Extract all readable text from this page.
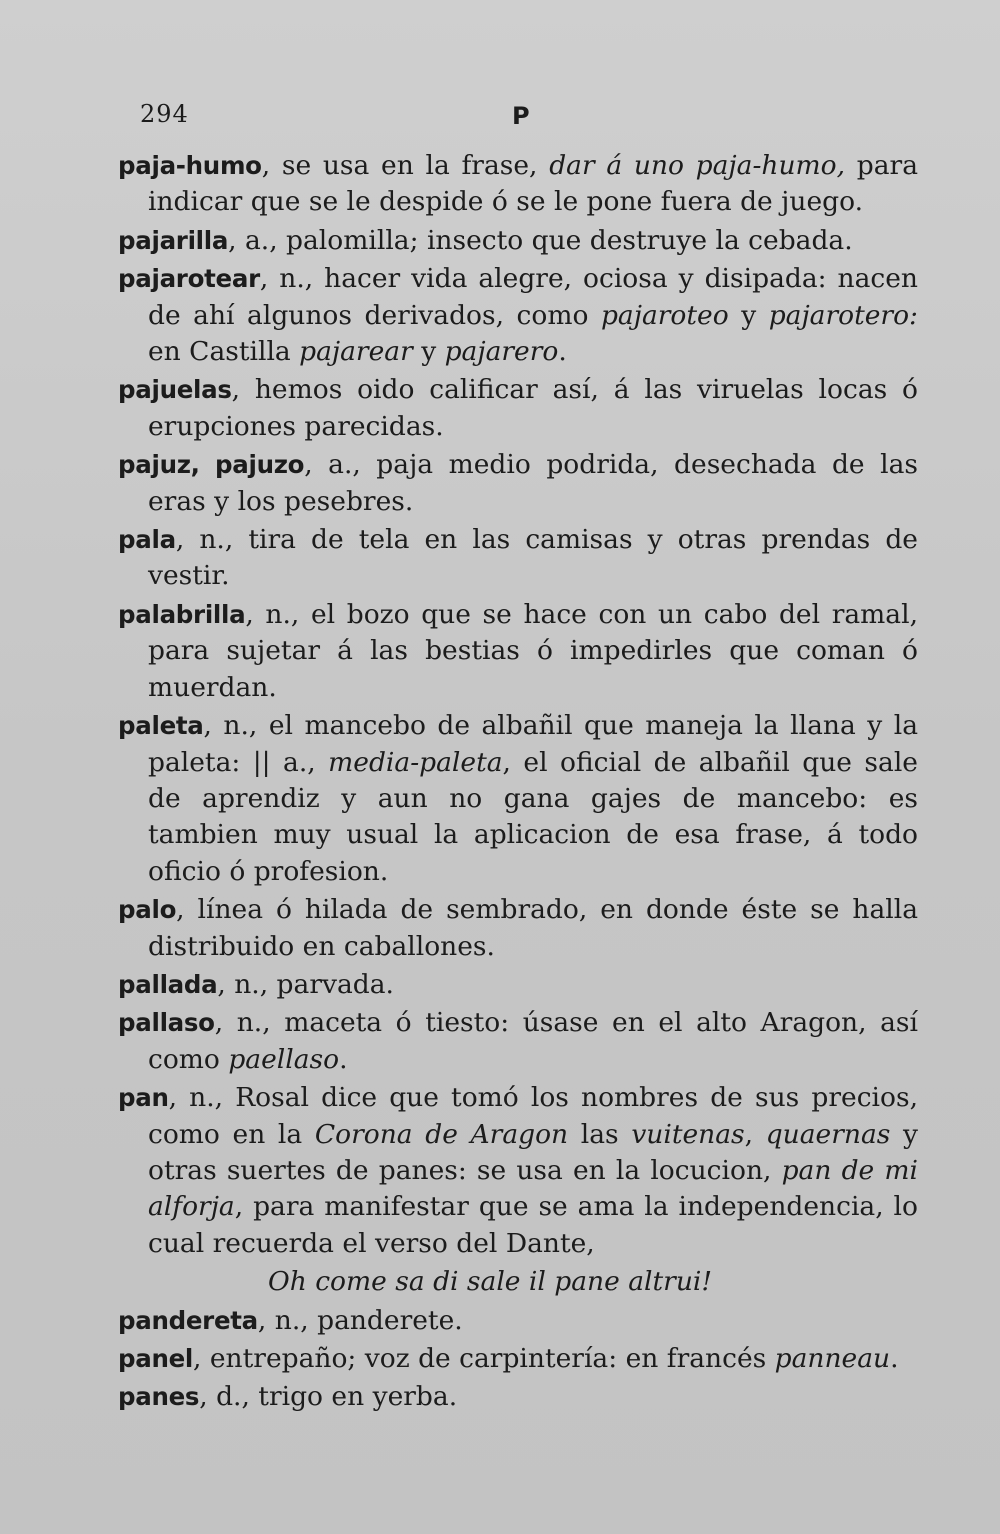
294	P

paja-humo, se usa en la frase, dar á uno paja-humo, para indicar que se le despide ó se le pone fuera de juego.

pajarilla, a., palomilla; insecto que destruye la cebada.

pajarotear, n., hacer vida alegre, ociosa y disipada: nacen de ahí algunos derivados, como pajaroteo y pajarotero: en Castilla pajarear y pajarero.

pajuelas, hemos oido calificar así, á las viruelas locas ó erupciones parecidas.

pajuz, pajuzo, a., paja medio podrida, desechada de las eras y los pesebres.

pala, n., tira de tela en las camisas y otras prendas de vestir.

palabrilla, n., el bozo que se hace con un cabo del ramal, para sujetar á las bestias ó impedirles que coman ó muerdan.

paleta, n., el mancebo de albañil que maneja la llana y la paleta: || a., media-paleta, el oficial de albañil que sale de aprendiz y aun no gana gajes de mancebo: es tambien muy usual la aplicacion de esa frase, á todo oficio ó profesion.

palo, línea ó hilada de sembrado, en donde éste se halla distribuido en caballones.

pallada, n., parvada.

pallaso, n., maceta ó tiesto: úsase en el alto Aragon, así como paellaso.

pan, n., Rosal dice que tomó los nombres de sus precios, como en la Corona de Aragon las vuitenas, quaernas y otras suertes de panes: se usa en la locucion, pan de mi alforja, para manifestar que se ama la independencia, lo cual recuerda el verso del Dante,

Oh come sa di sale il pane altrui!

pandereta, n., panderete.

panel, entrepaño; voz de carpintería: en francés panneau.

panes, d., trigo en yerba.
